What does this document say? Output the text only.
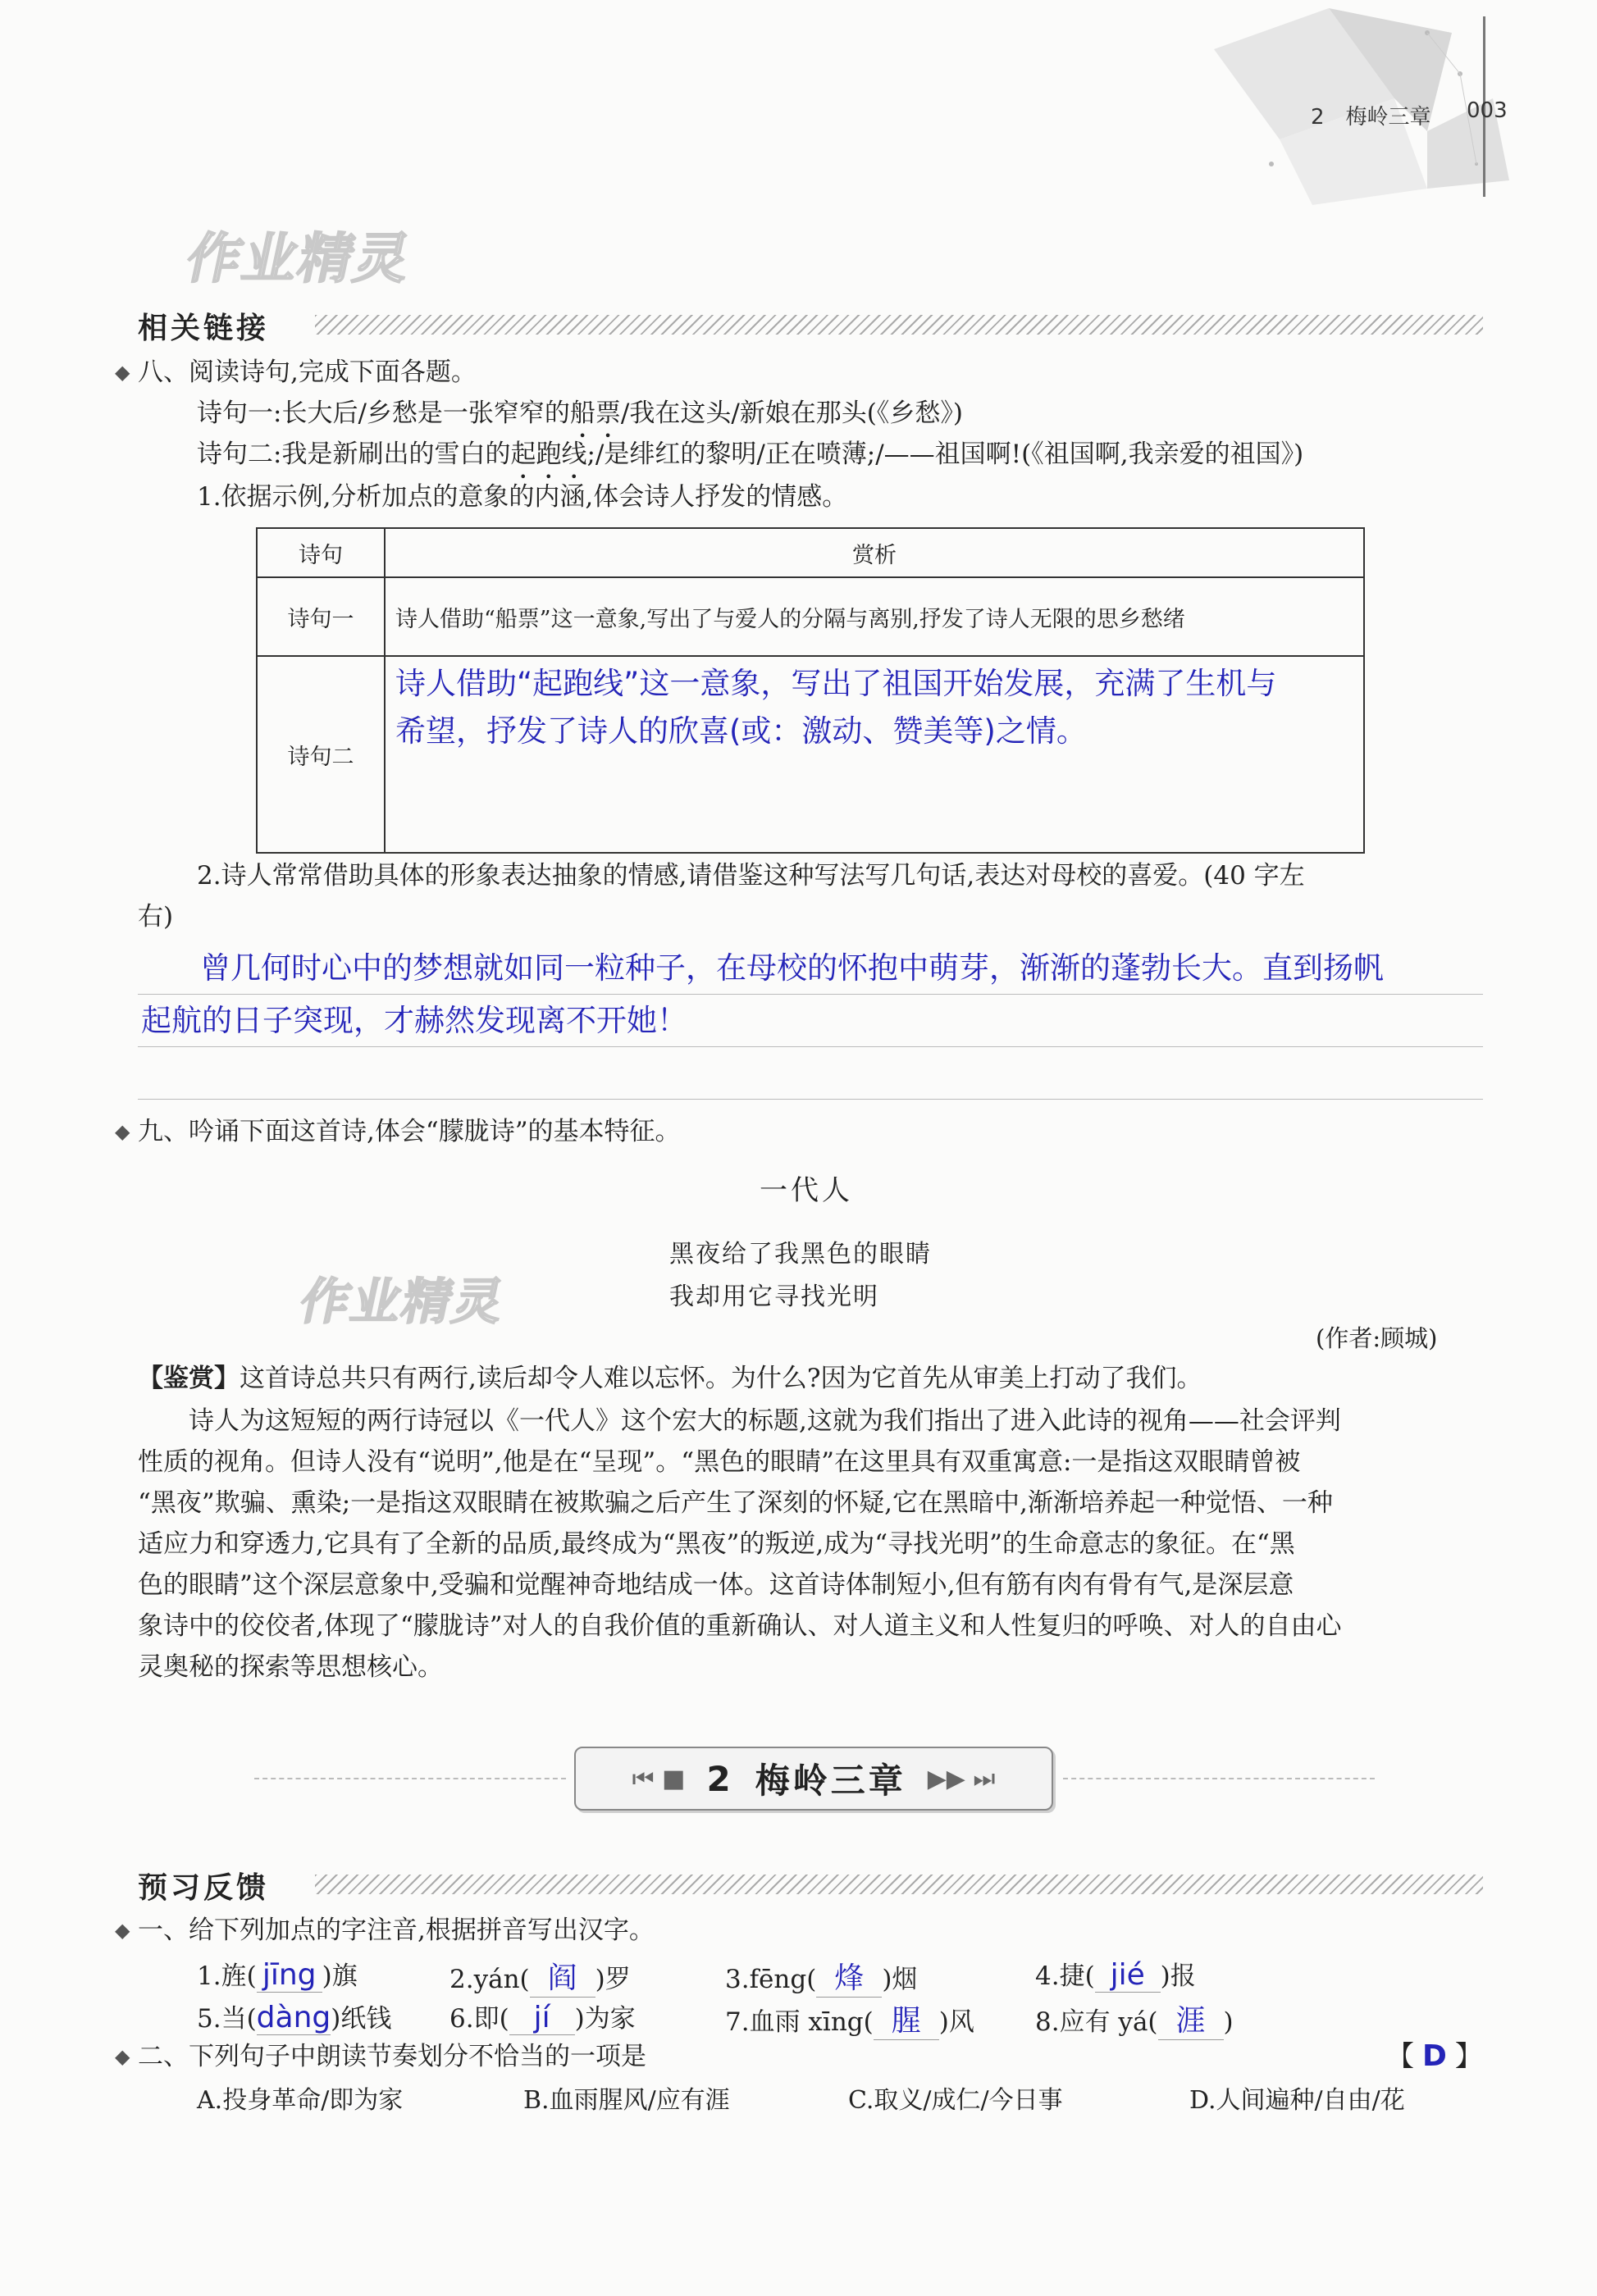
2　梅岭三章 003
作业精灵
相关链接
◆ 八、阅读诗句,完成下面各题。
诗句一:长大后/乡愁是一张窄窄的船票/我在这头/新娘在那头(《乡愁》)
诗句二:我是新刷出的雪白的起跑线;/是绯红的黎明/正在喷薄;/——祖国啊!(《祖国啊,我亲爱的祖国》)
1.依据示例,分析加点的意象的内涵,体会诗人抒发的情感。
诗句	赏析
诗句一	诗人借助“船票”这一意象,写出了与爱人的分隔与离别,抒发了诗人无限的思乡愁绪
诗句二	诗人借助“起跑线”这一意象，写出了祖国开始发展，充满了生机与
希望，抒发了诗人的欣喜(或：激动、赞美等)之情。
2.诗人常常借助具体的形象表达抽象的情感,请借鉴这种写法写几句话,表达对母校的喜爱。(40 字左
右)
曾几何时心中的梦想就如同一粒种子，在母校的怀抱中萌芽，渐渐的蓬勃长大。直到扬帆
起航的日子突现，才赫然发现离不开她！
◆ 九、吟诵下面这首诗,体会“朦胧诗”的基本特征。
一代人
黑夜给了我黑色的眼睛
我却用它寻找光明
作业精灵
(作者:顾城)
【鉴赏】这首诗总共只有两行,读后却令人难以忘怀。为什么?因为它首先从审美上打动了我们。
　　诗人为这短短的两行诗冠以《一代人》这个宏大的标题,这就为我们指出了进入此诗的视角——社会评判
性质的视角。但诗人没有“说明”,他是在“呈现”。“黑色的眼睛”在这里具有双重寓意:一是指这双眼睛曾被
“黑夜”欺骗、熏染;一是指这双眼睛在被欺骗之后产生了深刻的怀疑,它在黑暗中,渐渐培养起一种觉悟、一种
适应力和穿透力,它具有了全新的品质,最终成为“黑夜”的叛逆,成为“寻找光明”的生命意志的象征。在“黑
色的眼睛”这个深层意象中,受骗和觉醒神奇地结成一体。这首诗体制短小,但有筋有肉有骨有气,是深层意
象诗中的佼佼者,体现了“朦胧诗”对人的自我价值的重新确认、对人道主义和人性复归的呼唤、对人的自由心
灵奥秘的探索等思想核心。
⏮ ■ 2 梅岭三章 ▶▶ ⏭
预习反馈
◆ 一、给下列加点的字注音,根据拼音写出汉字。
1.旌( jīng )旗	2.yán( 阎 )罗	3.fēng( 烽 )烟	4.捷( jié )报
5.当(dàng)纸钱 6.即( jí )为家	7.血雨 xīng( 腥 )风 8.应有 yá( 涯 )
◆ 二、下列句子中朗读节奏划分不恰当的一项是	【 D 】
A.投身革命/即为家	B.血雨腥风/应有涯	C.取义/成仁/今日事	D.人间遍种/自由/花
